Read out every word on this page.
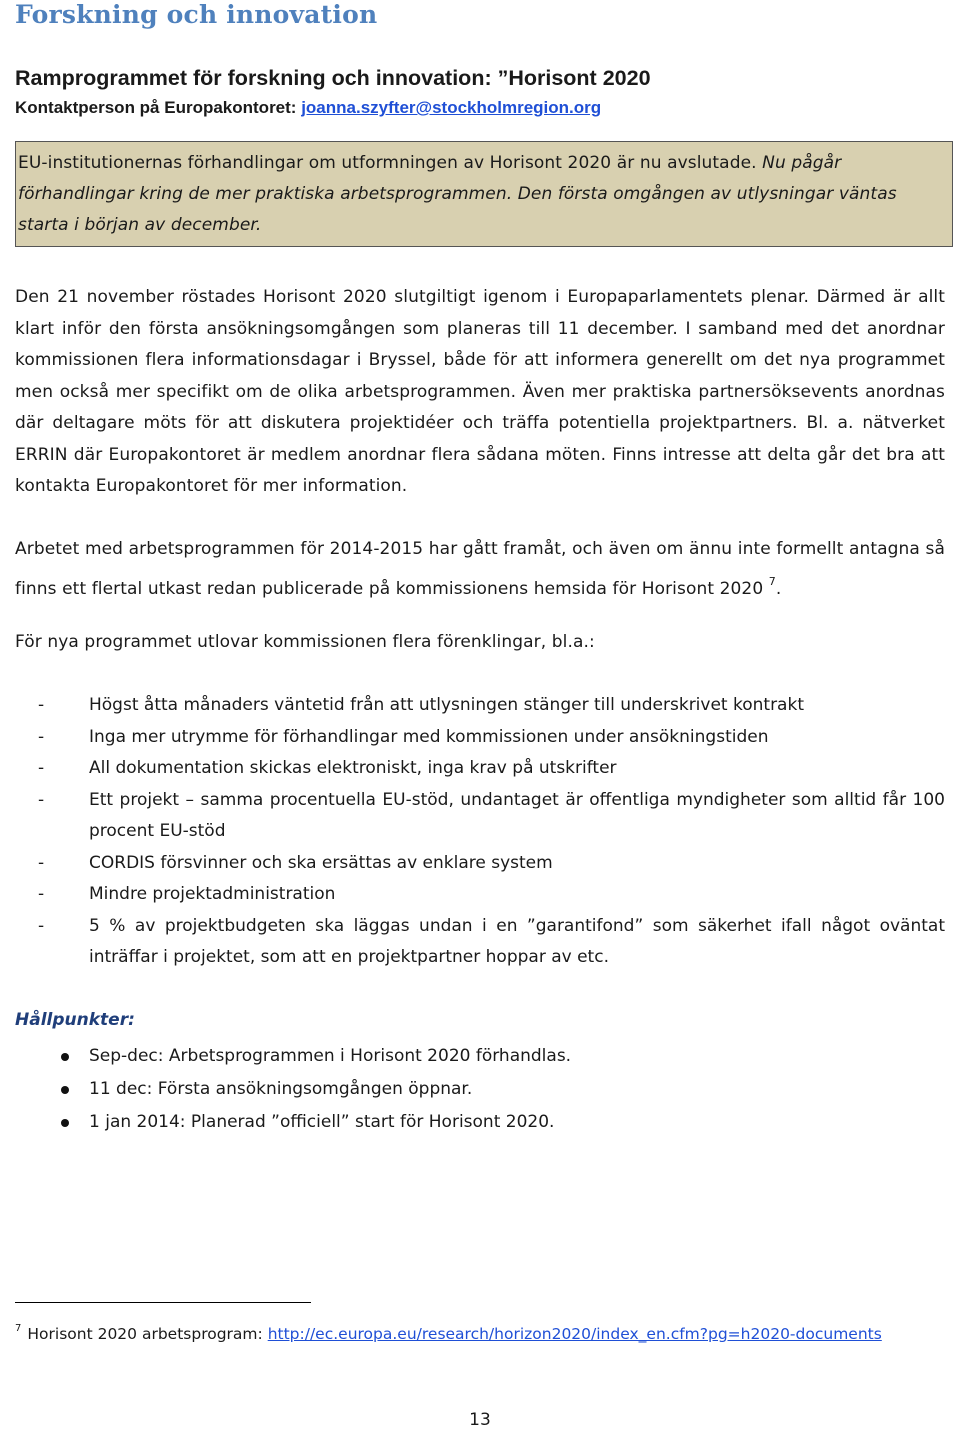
Forskning och innovation
Ramprogrammet för forskning och innovation: ”Horisont 2020
Kontaktperson på Europakontoret: joanna.szyfter@stockholmregion.org
EU-institutionernas förhandlingar om utformningen av Horisont 2020 är nu avslutade. Nu pågår förhandlingar kring de mer praktiska arbetsprogrammen. Den första omgången av utlysningar väntas starta i början av december.
Den 21 november röstades Horisont 2020 slutgiltigt igenom i Europaparlamentets plenar. Därmed är allt klart inför den första ansökningsomgången som planeras till 11 december. I samband med det anordnar kommissionen flera informationsdagar i Bryssel, både för att informera generellt om det nya programmet men också mer specifikt om de olika arbetsprogrammen. Även mer praktiska partnersöksevents anordnas där deltagare möts för att diskutera projektidéer och träffa potentiella projektpartners. Bl. a. nätverket ERRIN där Europakontoret är medlem anordnar flera sådana möten. Finns intresse att delta går det bra att kontakta Europakontoret för mer information.
Arbetet med arbetsprogrammen för 2014-2015 har gått framåt, och även om ännu inte formellt antagna så finns ett flertal utkast redan publicerade på kommissionens hemsida för Horisont 2020 $^7$.
För nya programmet utlovar kommissionen flera förenklingar, bl.a.:
-	Högst åtta månaders väntetid från att utlysningen stänger till underskrivet kontrakt
-	Inga mer utrymme för förhandlingar med kommissionen under ansökningstiden
-	All dokumentation skickas elektroniskt, inga krav på utskrifter
-	Ett projekt – samma procentuella EU-stöd, undantaget är offentliga myndigheter som alltid får 100 procent EU-stöd
-	CORDIS försvinner och ska ersättas av enklare system
-	Mindre projektadministration
-	5 % av projektbudgeten ska läggas undan i en ”garantifond” som säkerhet ifall något oväntat inträffar i projektet, som att en projektpartner hoppar av etc.
Hållpunkter:
Sep-dec: Arbetsprogrammen i Horisont 2020 förhandlas.
11 dec: Första ansökningsomgången öppnar.
1 jan 2014: Planerad ”officiell” start för Horisont 2020.
$^7$ Horisont 2020 arbetsprogram: http://ec.europa.eu/research/horizon2020/index_en.cfm?pg=h2020-documents
13
